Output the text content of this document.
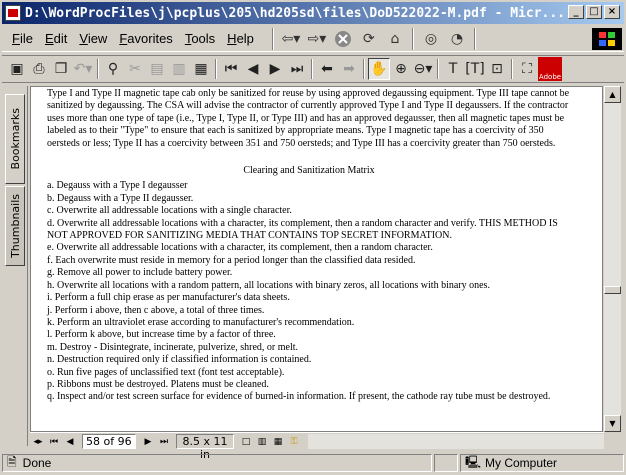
D:\WordProcFiles\j\pcplus\205\hd205sd\files\DoD522022-M.pdf - Micr... _	□ ×
File Edit View Favorites Tools Help	⇦▾ ⇨▾	⟳	⌂	◎ ◔
▣ ⎙ ❐ ↶▾	⚲ ✂ ▤ ▥ ▦	⏮ ◀ ▶ ⏭	⬅ ➡	✋ ⊕ ⊖▾	T [T] ⊡	⛶	Adobe
Bookmarks
Thumbnails

Type I and Type II magnetic tape cab only be sanitized for reuse by using approved degaussing equipment. Type III tape cannot be sanitized by degaussing. The CSA will advise the contractor of currently approved Type I and Type II degaussers. If the contractor uses more than one type of tape (i.e., Type I, Type II, or Type III) and has an approved degausser, then all magnetic tapes must be labeled as to their "Type" to ensure that each is sanitized by appropriate means. Type I magnetic tape has a coercivity of 350 oersteds or less; Type II has a coercivity between 351 and 750 oersteds; and Type III has a coercivity greater than 750 oersteds.

Clearing and Sanitization Matrix
a. Degauss with a Type I degausser
b. Degauss with a Type II degausser.
c. Overwrite all addressable locations with a single character.
d. Overwrite all addressable locations with a character, its complement, then a random character and verify. THIS METHOD IS NOT APPROVED FOR SANITIZING MEDIA THAT CONTAINS TOP SECRET INFORMATION.
e. Overwrite all addressable locations with a character, its complement, then a random character.
f. Each overwrite must reside in memory for a period longer than the classified data resided.
g. Remove all power to include battery power.
h. Overwrite all locations with a random pattern, all locations with binary zeros, all locations with binary ones.
i. Perform a full chip erase as per manufacturer's data sheets.
j. Perform i above, then c above, a total of three times.
k. Perform an ultraviolet erase according to manufacturer's recommendation.
l. Perform k above, but increase time by a factor of three.
m. Destroy - Disintegrate, incinerate, pulverize, shred, or melt.
n. Destruction required only if classified information is contained.
o. Run five pages of unclassified text (font test acceptable).
p. Ribbons must be destroyed. Platens must be cleaned.
q. Inspect and/or test screen surface for evidence of burned-in information. If present, the cathode ray tube must be destroyed.
▲
▼
◂▸ ⏮ ◀	58 of 96	▶ ⏭	8.5 x 11 in
□ ▥ ▦ ⚿
🗎 Done	🖳 My Computer
